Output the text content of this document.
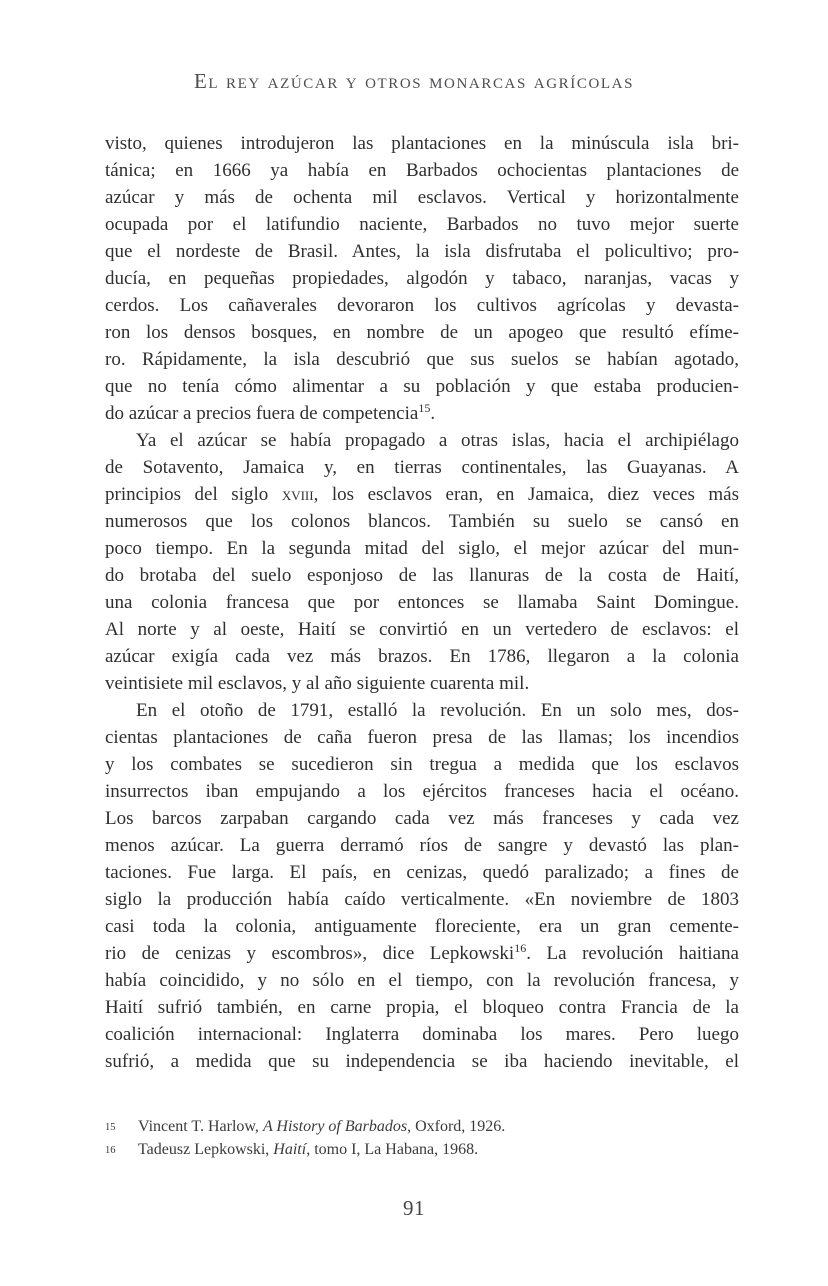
El rey azúcar y otros monarcas agrícolas
visto, quienes introdujeron las plantaciones en la minúscula isla bri-
tánica; en 1666 ya había en Barbados ochocientas plantaciones de
azúcar y más de ochenta mil esclavos. Vertical y horizontalmente
ocupada por el latifundio naciente, Barbados no tuvo mejor suerte
que el nordeste de Brasil. Antes, la isla disfrutaba el policultivo; pro-
ducía, en pequeñas propiedades, algodón y tabaco, naranjas, vacas y
cerdos. Los cañaverales devoraron los cultivos agrícolas y devasta-
ron los densos bosques, en nombre de un apogeo que resultó efíme-
ro. Rápidamente, la isla descubrió que sus suelos se habían agotado,
que no tenía cómo alimentar a su población y que estaba producien-
do azúcar a precios fuera de competencia$^{15}$.
Ya el azúcar se había propagado a otras islas, hacia el archipiélago
de Sotavento, Jamaica y, en tierras continentales, las Guayanas. A
principios del siglo xviii, los esclavos eran, en Jamaica, diez veces más
numerosos que los colonos blancos. También su suelo se cansó en
poco tiempo. En la segunda mitad del siglo, el mejor azúcar del mun-
do brotaba del suelo esponjoso de las llanuras de la costa de Haití,
una colonia francesa que por entonces se llamaba Saint Domingue.
Al norte y al oeste, Haití se convirtió en un vertedero de esclavos: el
azúcar exigía cada vez más brazos. En 1786, llegaron a la colonia
veintisiete mil esclavos, y al año siguiente cuarenta mil.
En el otoño de 1791, estalló la revolución. En un solo mes, dos-
cientas plantaciones de caña fueron presa de las llamas; los incendios
y los combates se sucedieron sin tregua a medida que los esclavos
insurrectos iban empujando a los ejércitos franceses hacia el océano.
Los barcos zarpaban cargando cada vez más franceses y cada vez
menos azúcar. La guerra derramó ríos de sangre y devastó las plan-
taciones. Fue larga. El país, en cenizas, quedó paralizado; a fines de
siglo la producción había caído verticalmente. «En noviembre de 1803
casi toda la colonia, antiguamente floreciente, era un gran cemente-
rio de cenizas y escombros», dice Lepkowski$^{16}$. La revolución haitiana
había coincidido, y no sólo en el tiempo, con la revolución francesa, y
Haití sufrió también, en carne propia, el bloqueo contra Francia de la
coalición internacional: Inglaterra dominaba los mares. Pero luego
sufrió, a medida que su independencia se iba haciendo inevitable, el
15	Vincent T. Harlow, A History of Barbados, Oxford, 1926.
16	Tadeusz Lepkowski, Haití, tomo I, La Habana, 1968.
91
